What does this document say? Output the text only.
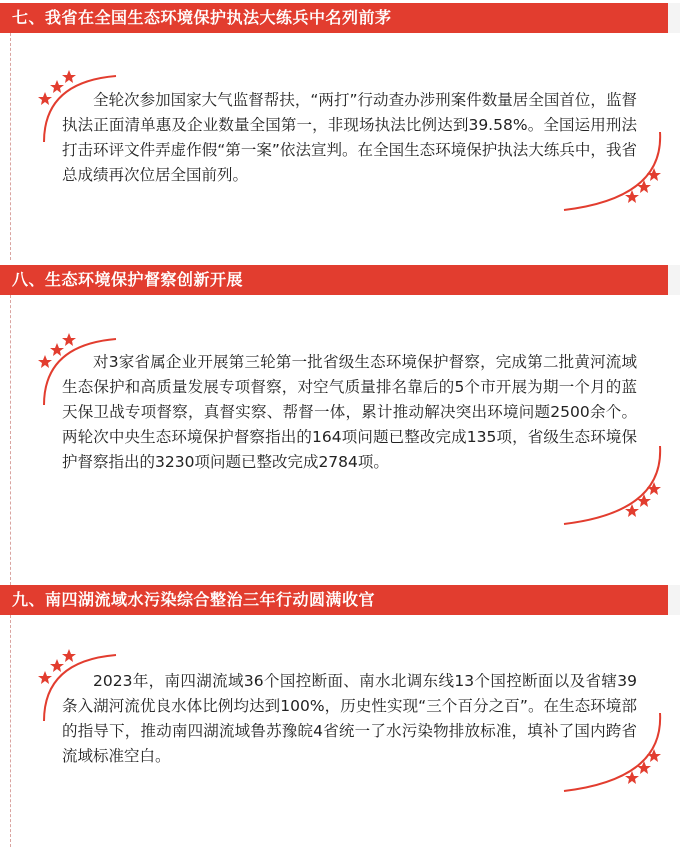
七、我省在全国生态环境保护执法大练兵中名列前茅
全轮次参加国家大气监督帮扶，“两打”行动查办涉刑案件数量居全国首位，监督执法正面清单惠及企业数量全国第一，非现场执法比例达到39.58%。全国运用刑法打击环评文件弄虚作假“第一案”依法宣判。在全国生态环境保护执法大练兵中，我省总成绩再次位居全国前列。
八、生态环境保护督察创新开展
对3家省属企业开展第三轮第一批省级生态环境保护督察，完成第二批黄河流域生态保护和高质量发展专项督察，对空气质量排名靠后的5个市开展为期一个月的蓝天保卫战专项督察，真督实察、帮督一体，累计推动解决突出环境问题2500余个。两轮次中央生态环境保护督察指出的164项问题已整改完成135项，省级生态环境保护督察指出的3230项问题已整改完成2784项。
九、南四湖流域水污染综合整治三年行动圆满收官
2023年，南四湖流域36个国控断面、南水北调东线13个国控断面以及省辖39条入湖河流优良水体比例均达到100%，历史性实现“三个百分之百”。在生态环境部的指导下，推动南四湖流域鲁苏豫皖4省统一了水污染物排放标准，填补了国内跨省流域标准空白。
